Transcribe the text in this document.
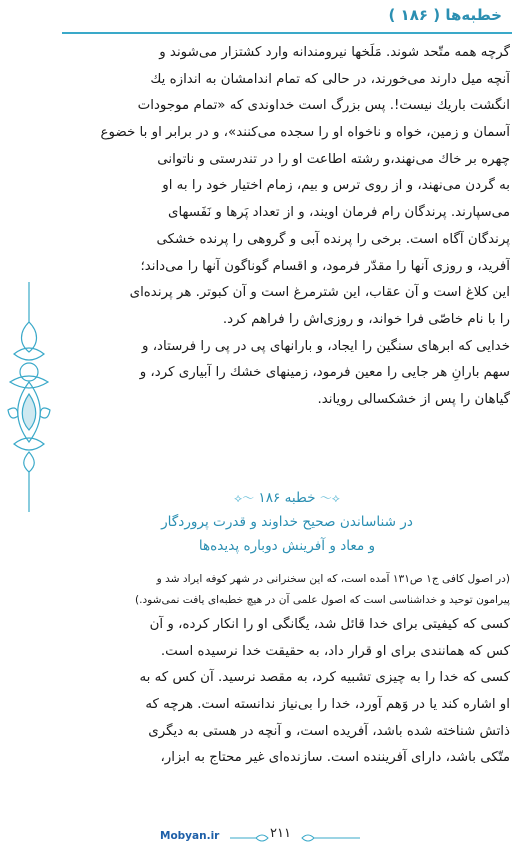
خطبه‌ها ( ۱۸۶ )
گرچه همه متّحد شوند. مَلَخها نیرومندانه وارد کشتزار می‌شوند و
آنچه میل دارند می‌خورند، در حالی که تمام اندامشان به اندازه یك
انگشت باریك نیست!. پس بزرگ است خداوندی که «تمام موجودات
آسمان و زمین، خواه و ناخواه او را سجده می‌کنند»، و در برابر او با خضوع
چهره بر خاك می‌نهند،و رشته اطاعت او را در تندرستی و ناتوانی
به گردن می‌نهند، و از روی ترس و بیم، زمام اختیار خود را به او
می‌سپارند. پرندگان رام فرمان اویند، و از تعداد پَرها و نَفَسهای
پرندگان آگاه است. برخی را پرنده آبی و گروهی را پرنده خشکی
آفرید، و روزی آنها را مقدّر فرمود، و اقسام گوناگون آنها را می‌داند؛
این کلاغ است و آن عقاب، این شترمرغ است و آن کبوتر. هر پرنده‌ای
را با نام خاصّی فرا خواند، و روزی‌اش را فراهم کرد.
خدایی که ابرهای سنگین را ایجاد، و بارانهای پی در پی را فرستاد، و
سهم بارانِ هر جایی را معین فرمود، زمینهای خشك را آبیاری کرد، و
گیاهان را پس از خشکسالی رویاند.
⟡～ خطبه ۱۸۶ ～⟡
در شناساندن صحیح خداوند و قدرت پروردگار
و معاد و آفرینش دوباره پدیده‌ها
(در اصول کافی ج۱ ص۱۳۱ آمده است، که این سخنرانی در شهر کوفه ایراد شد و
پیرامون توحید و خداشناسی است که اصول علمی آن در هیچ خطبه‌ای یافت نمی‌شود.)
کسی که کیفیتی برای خدا قائل شد، یگانگی او را انکار کرده، و آن
کس که همانندی برای او قرار داد، به حقیقت خدا نرسیده است.
کسی که خدا را به چیزی تشبیه کرد، به مقصد نرسید. آن کس که به
او اشاره کند یا در وَهم آورد، خدا را بی‌نیاز ندانسته است. هرچه که
ذاتش شناخته شده باشد، آفریده است، و آنچه در هستی به دیگری
متّکی باشد، دارای آفریننده است. سازنده‌ای غیر محتاج به ابزار،
Mobyan.ir	۲۱۱
